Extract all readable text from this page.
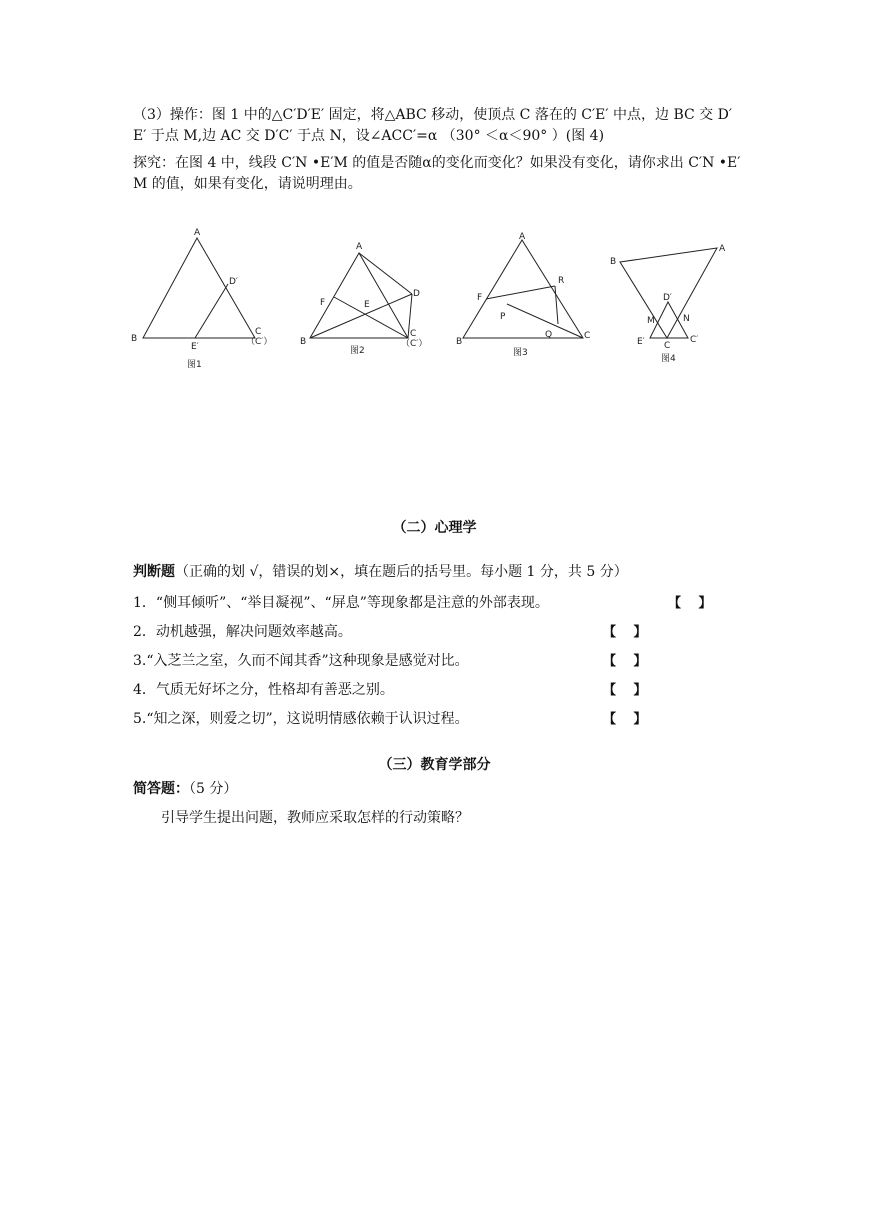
（3）操作：图 1 中的△C′D′E′ 固定，将△ABC 移动，使顶点 C 落在的 C′E′ 中点，边 BC 交 D′
E′ 于点 M,边 AC 交 D′C′ 于点 N，设∠ACC′=α （30° ＜α＜90° ）(图 4)
探究：在图 4 中，线段 C′N •E′M 的值是否随α的变化而变化？如果没有变化，请你求出 C′N •E′
M 的值，如果有变化，请说明理由。
A
B
C
（C′）
D′
E′
图1
A
B
C
（C′）
D
E
F
图2
A
B
C
F
P
Q
R
图3
A
B
C
C′
D′
E′
M	N
图4
（二）心理学
判断题（正确的划 √，错误的划×，填在题后的括号里。每小题 1 分，共 5 分）
1．“侧耳倾听”、“举目凝视”、“屏息”等现象都是注意的外部表现。	【　 】
2．动机越强，解决问题效率越高。	【　 】
3.“入芝兰之室，久而不闻其香”这种现象是感觉对比。	【　 】
4．气质无好坏之分，性格却有善恶之别。	【　 】
5.“知之深，则爱之切”，这说明情感依赖于认识过程。	【　 】
（三）教育学部分
简答题：（5 分）
引导学生提出问题，教师应采取怎样的行动策略？
